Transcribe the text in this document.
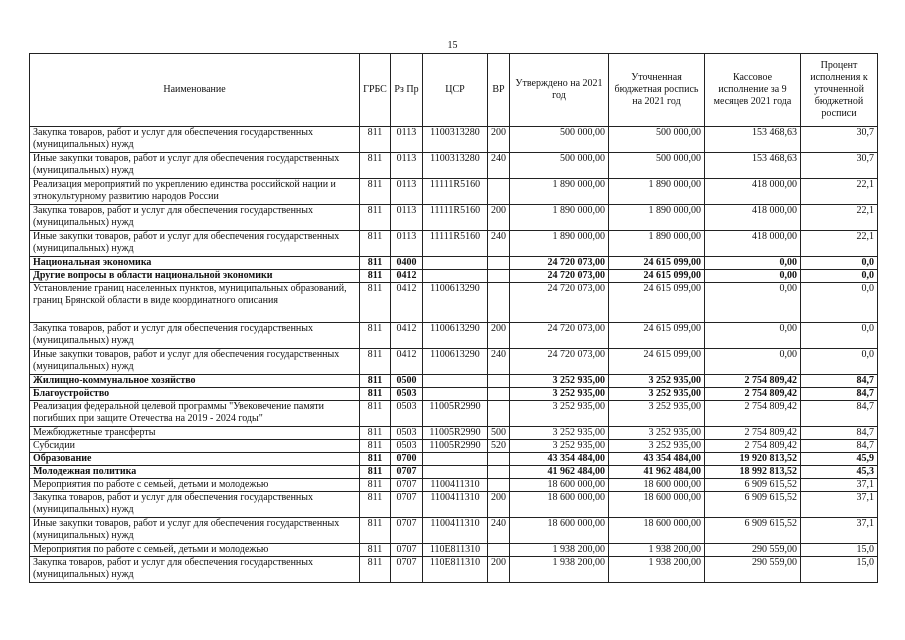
15
Наименование	ГРБС	Рз Пр	ЦСР	ВР	Утверждено на 2021 год	Уточненная бюджетная роспись на 2021 год	Кассовое исполнение за 9 месяцев 2021 года	Процент исполнения к уточненной бюджетной росписи
Закупка товаров, работ и услуг для обеспечения государственных (муниципальных) нужд	811	0113	1100313280	200	500 000,00	500 000,00	153 468,63	30,7
Иные закупки товаров, работ и услуг для обеспечения государственных (муниципальных) нужд	811	0113	1100313280	240	500 000,00	500 000,00	153 468,63	30,7
Реализация мероприятий по укреплению единства российской нации и этнокультурному развитию народов России	811	0113	11111R5160		1 890 000,00	1 890 000,00	418 000,00	22,1
Закупка товаров, работ и услуг для обеспечения государственных (муниципальных) нужд	811	0113	11111R5160	200	1 890 000,00	1 890 000,00	418 000,00	22,1
Иные закупки товаров, работ и услуг для обеспечения государственных (муниципальных) нужд	811	0113	11111R5160	240	1 890 000,00	1 890 000,00	418 000,00	22,1
Национальная экономика	811	0400			24 720 073,00	24 615 099,00	0,00	0,0
Другие вопросы в области национальной экономики	811	0412			24 720 073,00	24 615 099,00	0,00	0,0
Установление границ населенных пунктов, муниципальных образований, границ Брянской области в виде координатного описания	811	0412	1100613290		24 720 073,00	24 615 099,00	0,00	0,0
Закупка товаров, работ и услуг для обеспечения государственных (муниципальных) нужд	811	0412	1100613290	200	24 720 073,00	24 615 099,00	0,00	0,0
Иные закупки товаров, работ и услуг для обеспечения государственных (муниципальных) нужд	811	0412	1100613290	240	24 720 073,00	24 615 099,00	0,00	0,0
Жилищно-коммунальное хозяйство	811	0500			3 252 935,00	3 252 935,00	2 754 809,42	84,7
Благоустройство	811	0503			3 252 935,00	3 252 935,00	2 754 809,42	84,7
Реализация федеральной целевой программы "Увековечение памяти погибших при защите Отечества на 2019 - 2024 годы"	811	0503	11005R2990		3 252 935,00	3 252 935,00	2 754 809,42	84,7
Межбюджетные трансферты	811	0503	11005R2990	500	3 252 935,00	3 252 935,00	2 754 809,42	84,7
Субсидии	811	0503	11005R2990	520	3 252 935,00	3 252 935,00	2 754 809,42	84,7
Образование	811	0700			43 354 484,00	43 354 484,00	19 920 813,52	45,9
Молодежная политика	811	0707			41 962 484,00	41 962 484,00	18 992 813,52	45,3
Мероприятия по работе с семьей, детьми и молодежью	811	0707	1100411310		18 600 000,00	18 600 000,00	6 909 615,52	37,1
Закупка товаров, работ и услуг для обеспечения государственных (муниципальных) нужд	811	0707	1100411310	200	18 600 000,00	18 600 000,00	6 909 615,52	37,1
Иные закупки товаров, работ и услуг для обеспечения государственных (муниципальных) нужд	811	0707	1100411310	240	18 600 000,00	18 600 000,00	6 909 615,52	37,1
Мероприятия по работе с семьей, детьми и молодежью	811	0707	110E811310		1 938 200,00	1 938 200,00	290 559,00	15,0
Закупка товаров, работ и услуг для обеспечения государственных (муниципальных) нужд	811	0707	110E811310	200	1 938 200,00	1 938 200,00	290 559,00	15,0
